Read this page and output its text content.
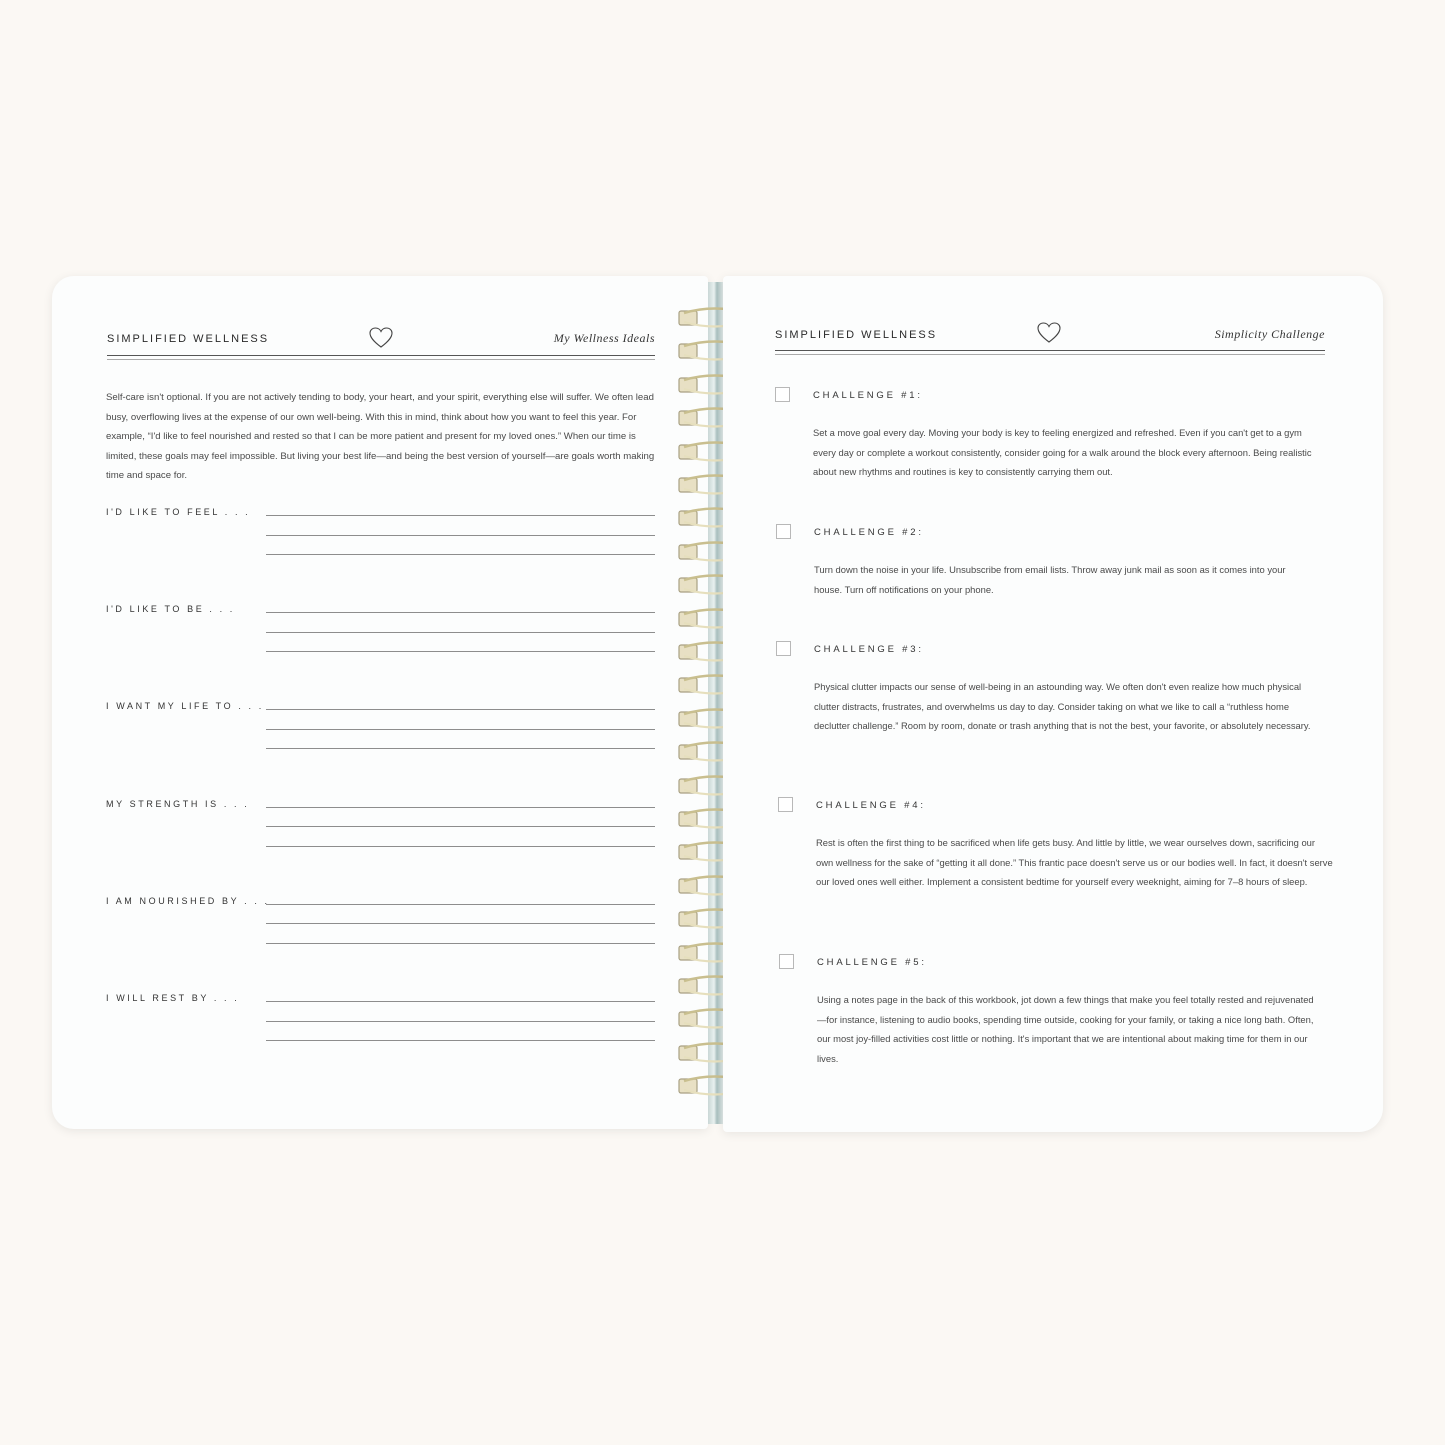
SIMPLIFIED WELLNESS	My Wellness Ideals

Self-care isn't optional. If you are not actively tending to body, your heart, and your spirit, everything else will suffer. We often lead busy, overflowing lives at the expense of our own well-being. With this in mind, think about how you want to feel this year. For example, “I'd like to feel nourished and rested so that I can be more patient and present for my loved ones.” When our time is limited, these goals may feel impossible. But living your best life—and being the best version of yourself—are goals worth making time and space for.

I'D LIKE TO FEEL . . .
I'D LIKE TO BE . . .
I WANT MY LIFE TO . . .
MY STRENGTH IS . . .
I AM NOURISHED BY . . .
I WILL REST BY . . .
SIMPLIFIED WELLNESS	Simplicity Challenge
CHALLENGE #1:

Set a move goal every day. Moving your body is key to feeling energized and refreshed. Even if you can't get to a gym every day or complete a workout consistently, consider going for a walk around the block every afternoon. Being realistic about new rhythms and routines is key to consistently carrying them out.

CHALLENGE #2:

Turn down the noise in your life. Unsubscribe from email lists. Throw away junk mail as soon as it comes into your house. Turn off notifications on your phone.

CHALLENGE #3:

Physical clutter impacts our sense of well-being in an astounding way. We often don't even realize how much physical clutter distracts, frustrates, and overwhelms us day to day. Consider taking on what we like to call a “ruthless home declutter challenge.” Room by room, donate or trash anything that is not the best, your favorite, or absolutely necessary.

CHALLENGE #4:

Rest is often the first thing to be sacrificed when life gets busy. And little by little, we wear ourselves down, sacrificing our own wellness for the sake of “getting it all done.” This frantic pace doesn't serve us or our bodies well. In fact, it doesn't serve our loved ones well either. Implement a consistent bedtime for yourself every weeknight, aiming for 7–8 hours of sleep.

CHALLENGE #5:

Using a notes page in the back of this workbook, jot down a few things that make you feel totally rested and rejuvenated—for instance, listening to audio books, spending time outside, cooking for your family, or taking a nice long bath. Often, our most joy-filled activities cost little or nothing. It's important that we are intentional about making time for them in our lives.
